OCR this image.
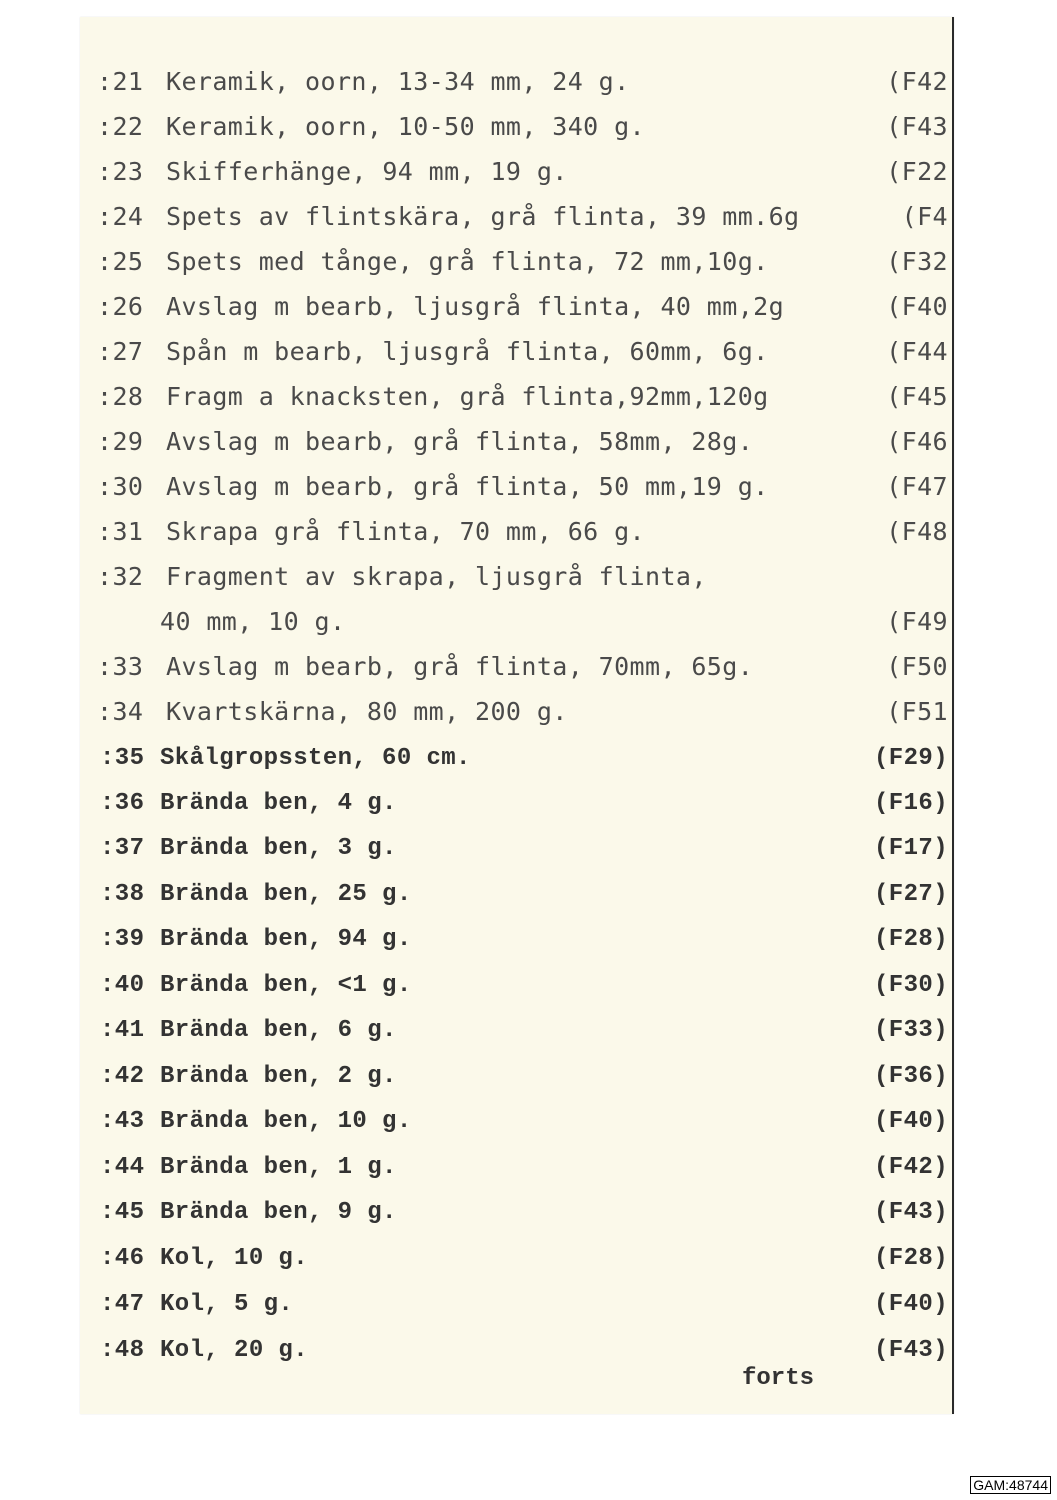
:21 Keramik, oorn, 13-34 mm, 24 g.	(F42
:22 Keramik, oorn, 10-50 mm, 340 g.	(F43
:23 Skifferhänge, 94 mm, 19 g.	(F22
:24 Spets av flintskära, grå flinta, 39 mm.6g	(F4
:25 Spets med tånge, grå flinta, 72 mm,10g.	(F32
:26 Avslag m bearb, ljusgrå flinta, 40 mm,2g	(F40
:27 Spån m bearb, ljusgrå flinta, 60mm, 6g.	(F44
:28 Fragm a knacksten, grå flinta,92mm,120g	(F45
:29 Avslag m bearb, grå flinta, 58mm, 28g.	(F46
:30 Avslag m bearb, grå flinta, 50 mm,19 g.	(F47
:31 Skrapa grå flinta, 70 mm, 66 g.	(F48
:32 Fragment av skrapa, ljusgrå flinta,
40 mm, 10 g.	(F49
:33 Avslag m bearb, grå flinta, 70mm, 65g.	(F50
:34 Kvartskärna, 80 mm, 200 g.	(F51
:35 Skålgropssten, 60 cm.	(F29)
:36 Brända ben, 4 g.	(F16)
:37 Brända ben, 3 g.	(F17)
:38 Brända ben, 25 g.	(F27)
:39 Brända ben, 94 g.	(F28)
:40 Brända ben, <1 g.	(F30)
:41 Brända ben, 6 g.	(F33)
:42 Brända ben, 2 g.	(F36)
:43 Brända ben, 10 g.	(F40)
:44 Brända ben, 1 g.	(F42)
:45 Brända ben, 9 g.	(F43)
:46 Kol, 10 g.	(F28)
:47 Kol, 5 g.	(F40)
:48 Kol, 20 g.	(F43)
forts
GAM:48744
